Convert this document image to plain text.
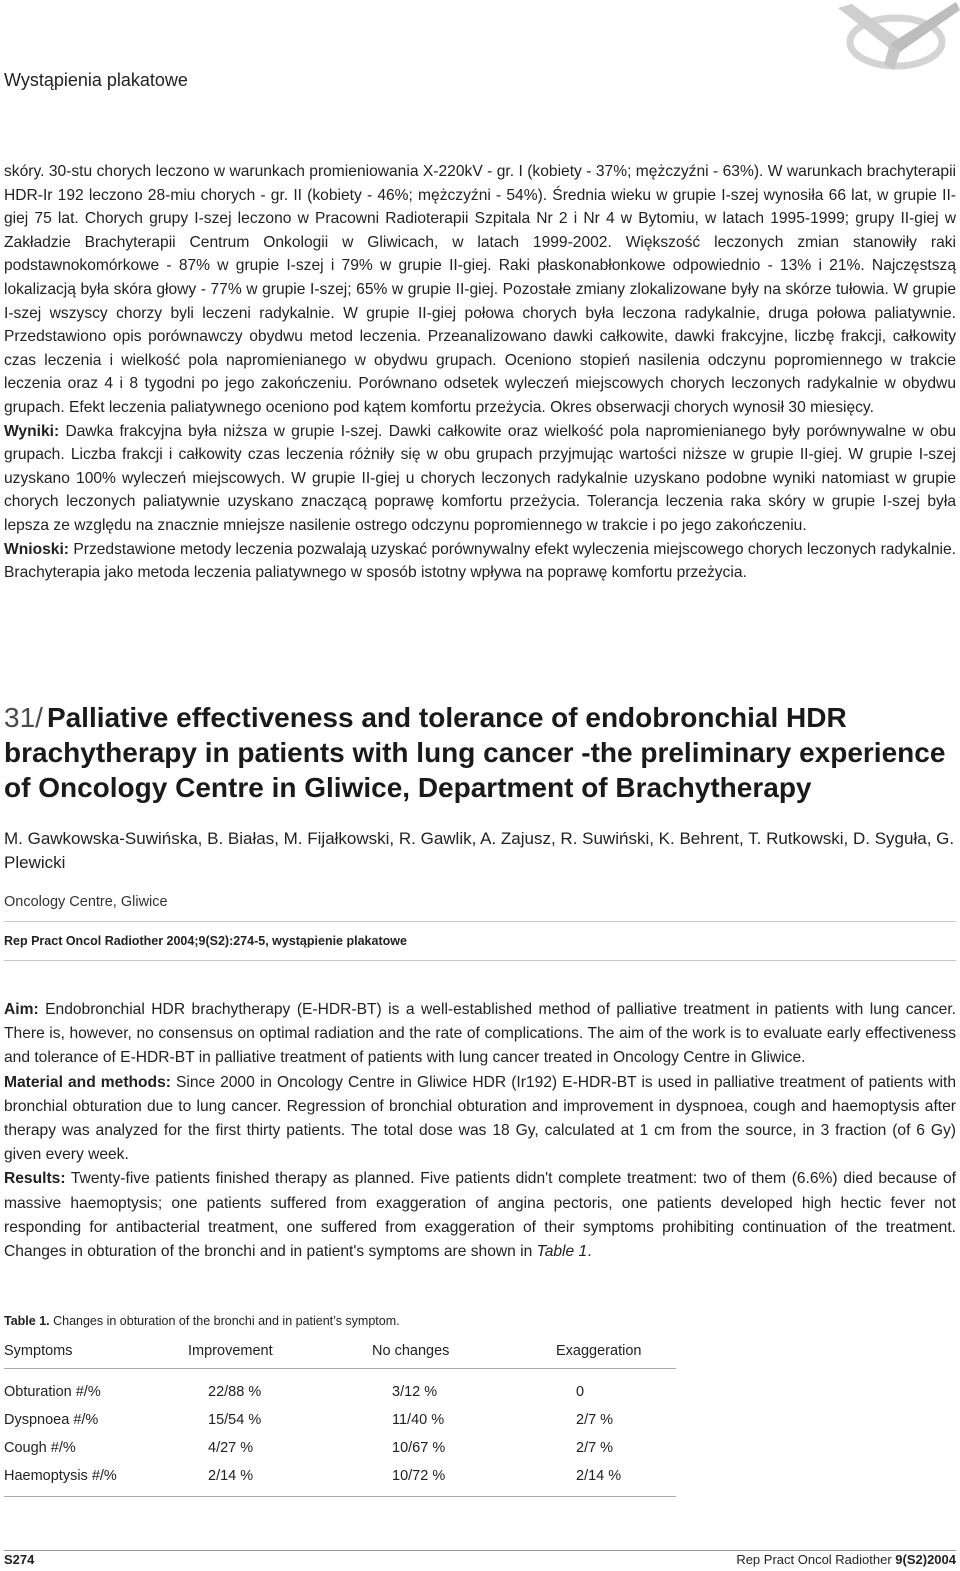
Wystąpienia plakatowe

skóry. 30-stu chorych leczono w warunkach promieniowania X-220kV - gr. I (kobiety - 37%; mężczyźni - 63%). W warunkach brachyterapii HDR-Ir 192 leczono 28-miu chorych - gr. II (kobiety - 46%; mężczyźni - 54%). Średnia wieku w grupie I-szej wynosiła 66 lat, w grupie II-giej 75 lat. Chorych grupy I-szej leczono w Pracowni Radioterapii Szpitala Nr 2 i Nr 4 w Bytomiu, w latach 1995-1999; grupy II-giej w Zakładzie Brachyterapii Centrum Onkologii w Gliwicach, w latach 1999-2002. Większość leczonych zmian stanowiły raki podstawnokomórkowe - 87% w grupie I-szej i 79% w grupie II-giej. Raki płaskonabłonkowe odpowiednio - 13% i 21%. Najczęstszą lokalizacją była skóra głowy - 77% w grupie I-szej; 65% w grupie II-giej. Pozostałe zmiany zlokalizowane były na skórze tułowia. W grupie I-szej wszyscy chorzy byli leczeni radykalnie. W grupie II-giej połowa chorych była leczona radykalnie, druga połowa paliatywnie. Przedstawiono opis porównawczy obydwu metod leczenia. Przeanalizowano dawki całkowite, dawki frakcyjne, liczbę frakcji, całkowity czas leczenia i wielkość pola napromienianego w obydwu grupach. Oceniono stopień nasilenia odczynu popromiennego w trakcie leczenia oraz 4 i 8 tygodni po jego zakończeniu. Porównano odsetek wyleczeń miejscowych chorych leczonych radykalnie w obydwu grupach. Efekt leczenia paliatywnego oceniono pod kątem komfortu przeżycia. Okres obserwacji chorych wynosił 30 miesięcy.

Wyniki: Dawka frakcyjna była niższa w grupie I-szej. Dawki całkowite oraz wielkość pola napromienianego były porównywalne w obu grupach. Liczba frakcji i całkowity czas leczenia różniły się w obu grupach przyjmując wartości niższe w grupie II-giej. W grupie I-szej uzyskano 100% wyleczeń miejscowych. W grupie II-giej u chorych leczonych radykalnie uzyskano podobne wyniki natomiast w grupie chorych leczonych paliatywnie uzyskano znaczącą poprawę komfortu przeżycia. Tolerancja leczenia raka skóry w grupie I-szej była lepsza ze względu na znacznie mniejsze nasilenie ostrego odczynu popromiennego w trakcie i po jego zakończeniu.

Wnioski: Przedstawione metody leczenia pozwalają uzyskać porównywalny efekt wyleczenia miejscowego chorych leczonych radykalnie. Brachyterapia jako metoda leczenia paliatywnego w sposób istotny wpływa na poprawę komfortu przeżycia.

31/ Palliative effectiveness and tolerance of endobronchial HDR brachytherapy in patients with lung cancer -the preliminary experience of Oncology Centre in Gliwice, Department of Brachytherapy
M. Gawkowska-Suwińska, B. Białas, M. Fijałkowski, R. Gawlik, A. Zajusz, R. Suwiński, K. Behrent, T. Rutkowski, D. Syguła, G. Plewicki
Oncology Centre, Gliwice
Rep Pract Oncol Radiother 2004;9(S2):274-5, wystąpienie plakatowe

Aim: Endobronchial HDR brachytherapy (E-HDR-BT) is a well-established method of palliative treatment in patients with lung cancer. There is, however, no consensus on optimal radiation and the rate of complications. The aim of the work is to evaluate early effectiveness and tolerance of E-HDR-BT in palliative treatment of patients with lung cancer treated in Oncology Centre in Gliwice.

Material and methods: Since 2000 in Oncology Centre in Gliwice HDR (Ir192) E-HDR-BT is used in palliative treatment of patients with bronchial obturation due to lung cancer. Regression of bronchial obturation and improvement in dyspnoea, cough and haemoptysis after therapy was analyzed for the first thirty patients. The total dose was 18 Gy, calculated at 1 cm from the source, in 3 fraction (of 6 Gy) given every week.

Results: Twenty-five patients finished therapy as planned. Five patients didn't complete treatment: two of them (6.6%) died because of massive haemoptysis; one patients suffered from exaggeration of angina pectoris, one patients developed high hectic fever not responding for antibacterial treatment, one suffered from exaggeration of their symptoms prohibiting continuation of the treatment. Changes in obturation of the bronchi and in patient's symptoms are shown in Table 1.

Table 1. Changes in obturation of the bronchi and in patient’s symptom.
Symptoms	Improvement	No changes	Exaggeration
Obturation #/%	22/88 %	3/12 %	0
Dyspnoea #/%	15/54 %	11/40 %	2/7 %
Cough #/%	4/27 %	10/67 %	2/7 %
Haemoptysis #/%	2/14 %	10/72 %	2/14 %
S274	Rep Pract Oncol Radiother 9(S2)2004
